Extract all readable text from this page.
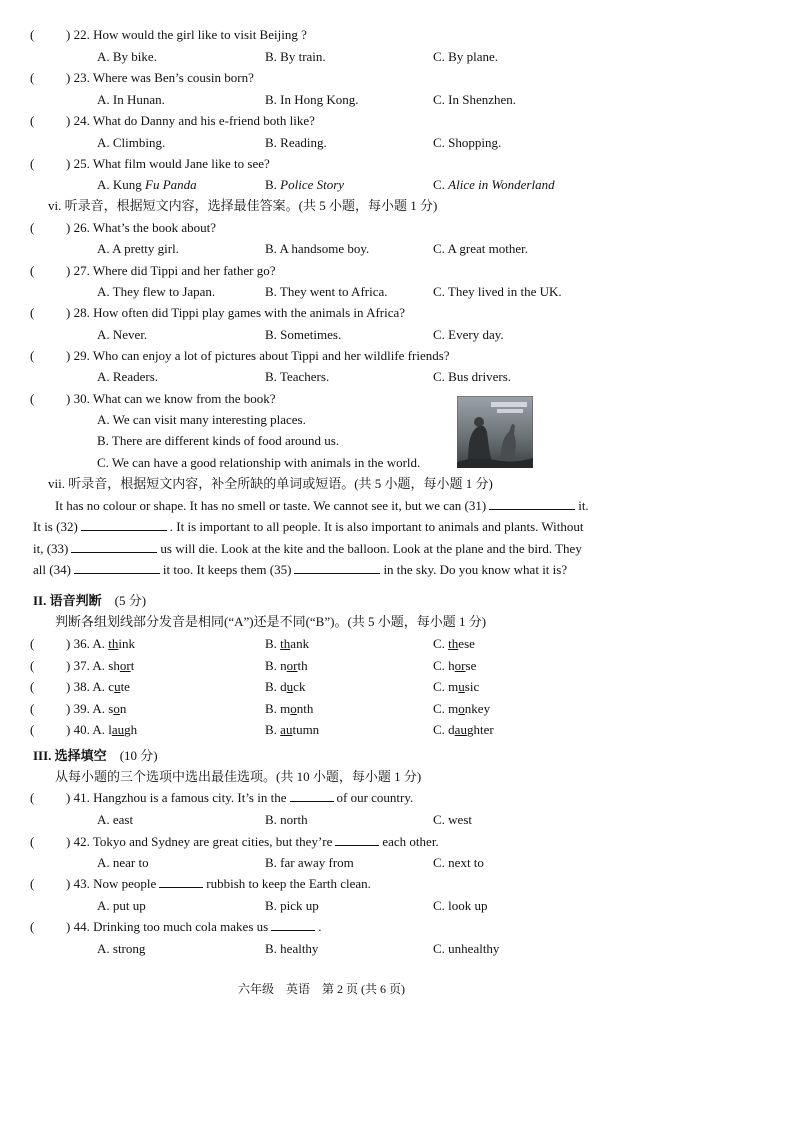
( ) 22. How would the girl like to visit Beijing ?
A. By bike.	B. By train.	C. By plane.
( ) 23. Where was Ben’s cousin born?
A. In Hunan.	B. In Hong Kong.	C. In Shenzhen.
( ) 24. What do Danny and his e-friend both like?
A. Climbing.	B. Reading.	C. Shopping.
( ) 25. What film would Jane like to see?
A. Kung Fu Panda	B. Police Story	C. Alice in Wonderland
vi. 听录音，根据短文内容，选择最佳答案。(共 5 小题，每小题 1 分)
( ) 26. What’s the book about?
A. A pretty girl.	B. A handsome boy.	C. A great mother.
( ) 27. Where did Tippi and her father go?
A. They flew to Japan.	B. They went to Africa.	C. They lived in the UK.
( ) 28. How often did Tippi play games with the animals in Africa?
A. Never.	B. Sometimes.	C. Every day.
( ) 29. Who can enjoy a lot of pictures about Tippi and her wildlife friends?
A. Readers.	B. Teachers.	C. Bus drivers.
( ) 30. What can we know from the book?
A. We can visit many interesting places.
B. There are different kinds of food around us.
C. We can have a good relationship with animals in the world.
vii. 听录音，根据短文内容，补全所缺的单词或短语。(共 5 小题，每小题 1 分)
It has no colour or shape. It has no smell or taste. We cannot see it, but we can (31)	it.
It is (32)	. It is important to all people. It is also important to animals and plants. Without
it, (33)	us will die. Look at the kite and the balloon. Look at the plane and the bird. They
all (34)	it too. It keeps them (35)	in the sky. Do you know what it is?
II. 语音判断　 (5 分)
判断各组划线部分发音是相同(“A”)还是不同(“B”)。(共 5 小题，每小题 1 分)
( ) 36. A. think	B. thank	C. these
( ) 37. A. short	B. north	C. horse
( ) 38. A. cute	B. duck	C. music
( ) 39. A. son	B. month	C. monkey
( ) 40. A. laugh	B. autumn	C. daughter
III. 选择填空　 (10 分)
从每小题的三个选项中选出最佳选项。(共 10 小题，每小题 1 分)
( ) 41. Hangzhou is a famous city. It’s in the	of our country.
A. east	B. north	C. west
( ) 42. Tokyo and Sydney are great cities, but they’re	each other.
A. near to	B. far away from	C. next to
( ) 43. Now people	rubbish to keep the Earth clean.
A. put up	B. pick up	C. look up
( ) 44. Drinking too much cola makes us	.
A. strong	B. healthy	C. unhealthy
六年级　英语　第 2 页 (共 6 页)
